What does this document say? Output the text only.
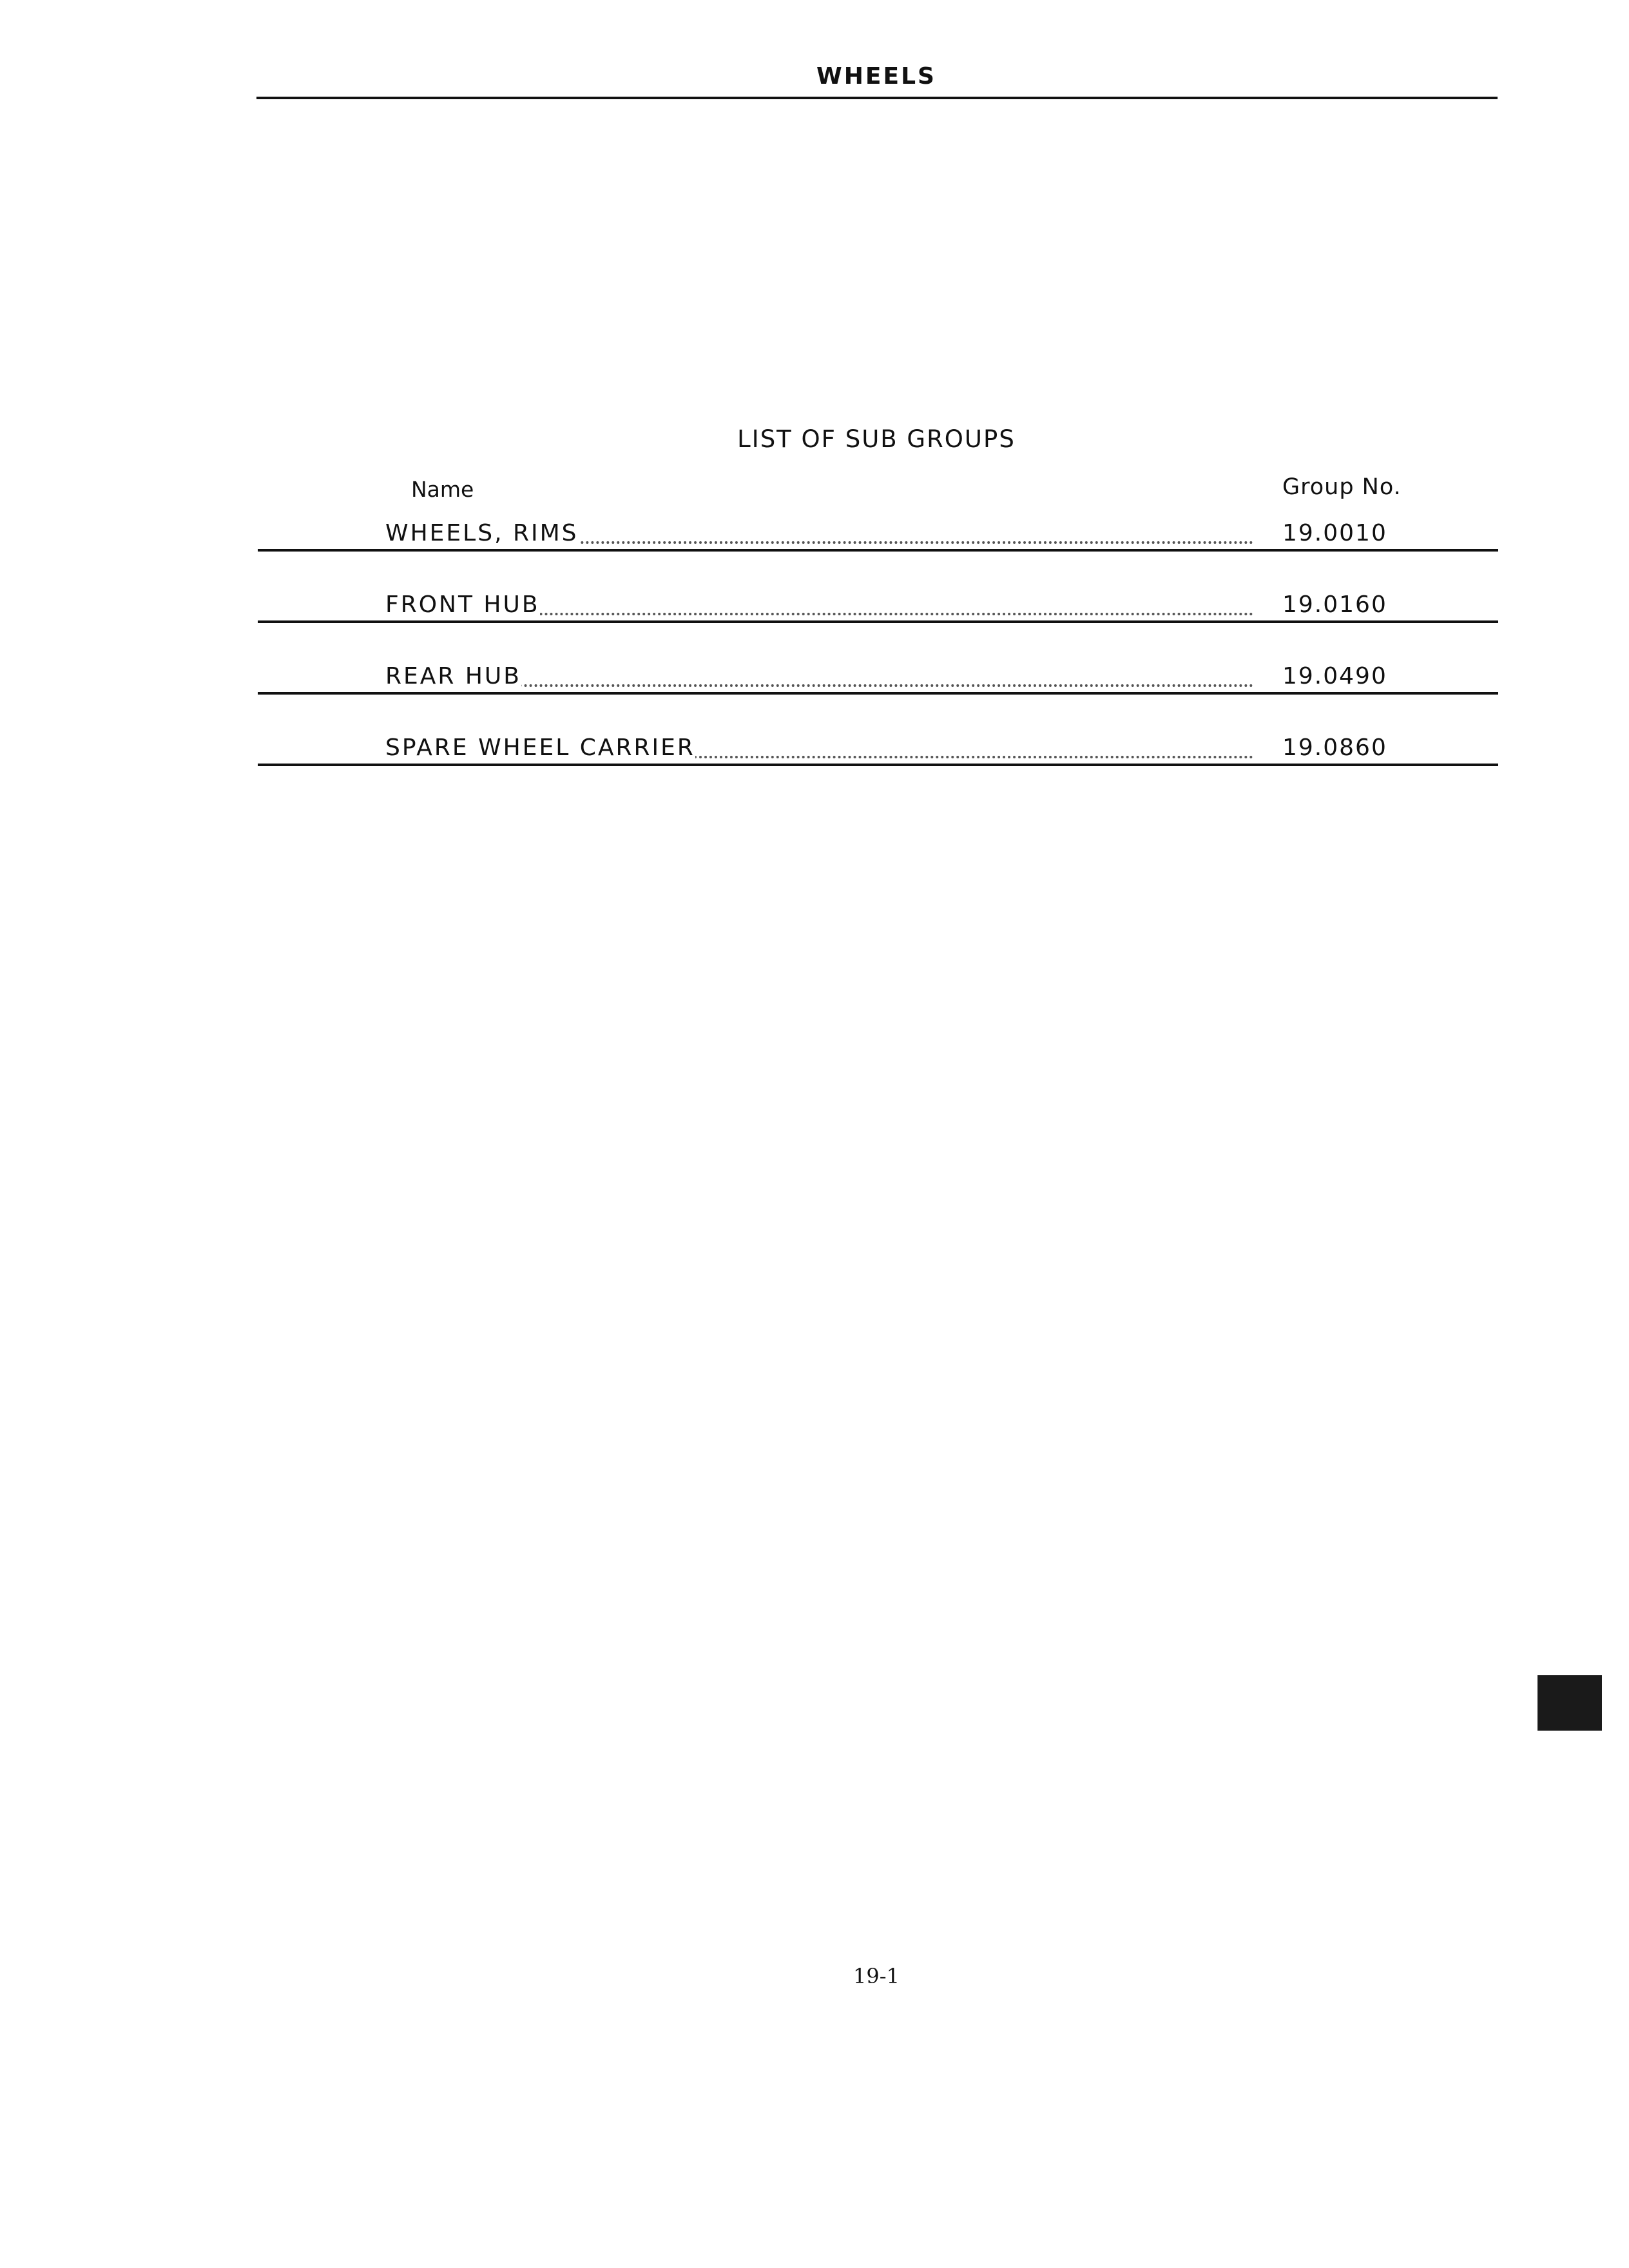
WHEELS
LIST OF SUB GROUPS
Name	Group No.
WHEELS, RIMS	19.0010
FRONT HUB	19.0160
REAR HUB	19.0490
SPARE WHEEL CARRIER	19.0860
19-1
